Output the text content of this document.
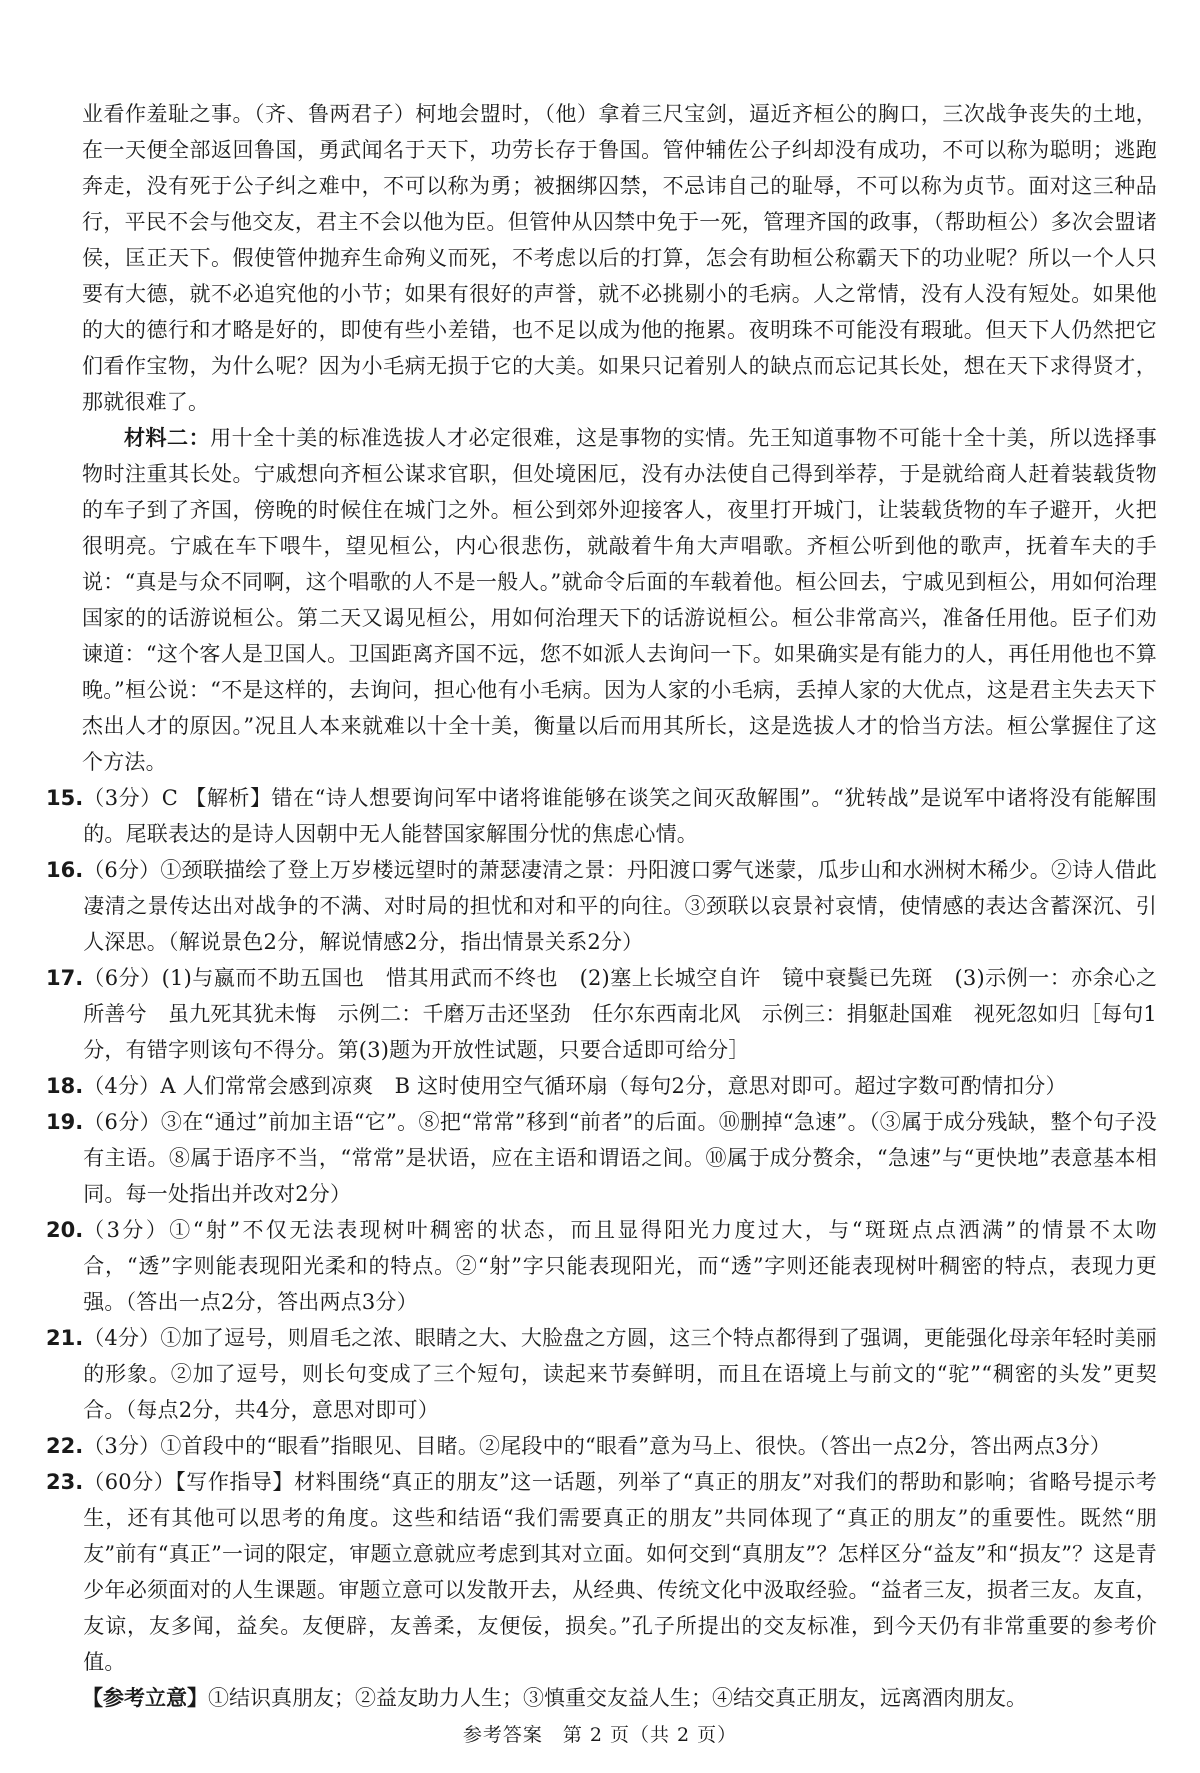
业看作羞耻之事。（齐、鲁两君子）柯地会盟时，（他）拿着三尺宝剑，逼近齐桓公的胸口，三次战争丧失的土地，在一天便全部返回鲁国，勇武闻名于天下，功劳长存于鲁国。管仲辅佐公子纠却没有成功，不可以称为聪明；逃跑奔走，没有死于公子纠之难中，不可以称为勇；被捆绑囚禁，不忌讳自己的耻辱，不可以称为贞节。面对这三种品行，平民不会与他交友，君主不会以他为臣。但管仲从囚禁中免于一死，管理齐国的政事，（帮助桓公）多次会盟诸侯，匡正天下。假使管仲抛弃生命殉义而死，不考虑以后的打算，怎会有助桓公称霸天下的功业呢？所以一个人只要有大德，就不必追究他的小节；如果有很好的声誉，就不必挑剔小的毛病。人之常情，没有人没有短处。如果他的大的德行和才略是好的，即使有些小差错，也不足以成为他的拖累。夜明珠不可能没有瑕玼。但天下人仍然把它们看作宝物，为什么呢？因为小毛病无损于它的大美。如果只记着别人的缺点而忘记其长处，想在天下求得贤才，那就很难了。

材料二：用十全十美的标准选拔人才必定很难，这是事物的实情。先王知道事物不可能十全十美，所以选择事物时注重其长处。宁戚想向齐桓公谋求官职，但处境困厄，没有办法使自己得到举荐，于是就给商人赶着装载货物的车子到了齐国，傍晚的时候住在城门之外。桓公到郊外迎接客人，夜里打开城门，让装载货物的车子避开，火把很明亮。宁戚在车下喂牛，望见桓公，内心很悲伤，就敲着牛角大声唱歌。齐桓公听到他的歌声，抚着车夫的手说：“真是与众不同啊，这个唱歌的人不是一般人。”就命令后面的车载着他。桓公回去，宁戚见到桓公，用如何治理国家的的话游说桓公。第二天又谒见桓公，用如何治理天下的话游说桓公。桓公非常高兴，准备任用他。臣子们劝谏道：“这个客人是卫国人。卫国距离齐国不远，您不如派人去询问一下。如果确实是有能力的人，再任用他也不算晚。”桓公说：“不是这样的，去询问，担心他有小毛病。因为人家的小毛病，丢掉人家的大优点，这是君主失去天下杰出人才的原因。”况且人本来就难以十全十美，衡量以后而用其所长，这是选拔人才的恰当方法。桓公掌握住了这个方法。

15. （3分）C 【解析】错在“诗人想要询问军中诸将谁能够在谈笑之间灭敌解围”。“犹转战”是说军中诸将没有能解围的。尾联表达的是诗人因朝中无人能替国家解围分忧的焦虑心情。
16. （6分）①颈联描绘了登上万岁楼远望时的萧瑟凄清之景：丹阳渡口雾气迷蒙，瓜步山和水洲树木稀少。②诗人借此凄清之景传达出对战争的不满、对时局的担忧和对和平的向往。③颈联以哀景衬哀情，使情感的表达含蓄深沉、引人深思。（解说景色2分，解说情感2分，指出情景关系2分）
17. （6分）(1)与嬴而不助五国也　惜其用武而不终也　(2)塞上长城空自许　镜中衰鬓已先斑　(3)示例一：亦余心之所善兮　虽九死其犹未悔　示例二：千磨万击还坚劲　任尔东西南北风　示例三：捐躯赴国难　视死忽如归［每句1分，有错字则该句不得分。第(3)题为开放性试题，只要合适即可给分］
18. （4分）A 人们常常会感到凉爽　B 这时使用空气循环扇（每句2分，意思对即可。超过字数可酌情扣分）
19. （6分）③在“通过”前加主语“它”。⑧把“常常”移到“前者”的后面。⑩删掉“急速”。（③属于成分残缺，整个句子没有主语。⑧属于语序不当，“常常”是状语，应在主语和谓语之间。⑩属于成分赘余，“急速”与“更快地”表意基本相同。每一处指出并改对2分）
20. （3分）①“射”不仅无法表现树叶稠密的状态，而且显得阳光力度过大，与“斑斑点点洒满”的情景不太吻合，“透”字则能表现阳光柔和的特点。②“射”字只能表现阳光，而“透”字则还能表现树叶稠密的特点，表现力更强。（答出一点2分，答出两点3分）
21. （4分）①加了逗号，则眉毛之浓、眼睛之大、大脸盘之方圆，这三个特点都得到了强调，更能强化母亲年轻时美丽的形象。②加了逗号，则长句变成了三个短句，读起来节奏鲜明，而且在语境上与前文的“驼”“稠密的头发”更契合。（每点2分，共4分，意思对即可）
22. （3分）①首段中的“眼看”指眼见、目睹。②尾段中的“眼看”意为马上、很快。（答出一点2分，答出两点3分）
23. （60分）【写作指导】材料围绕“真正的朋友”这一话题，列举了“真正的朋友”对我们的帮助和影响；省略号提示考生，还有其他可以思考的角度。这些和结语“我们需要真正的朋友”共同体现了“真正的朋友”的重要性。既然“朋友”前有“真正”一词的限定，审题立意就应考虑到其对立面。如何交到“真朋友”？怎样区分“益友”和“损友”？这是青少年必须面对的人生课题。审题立意可以发散开去，从经典、传统文化中汲取经验。“益者三友，损者三友。友直，友谅，友多闻，益矣。友便辟，友善柔，友便佞，损矣。”孔子所提出的交友标准，到今天仍有非常重要的参考价值。

【参考立意】①结识真朋友；②益友助力人生；③慎重交友益人生；④结交真正朋友，远离酒肉朋友。

参考答案　第 2 页（共 2 页）
